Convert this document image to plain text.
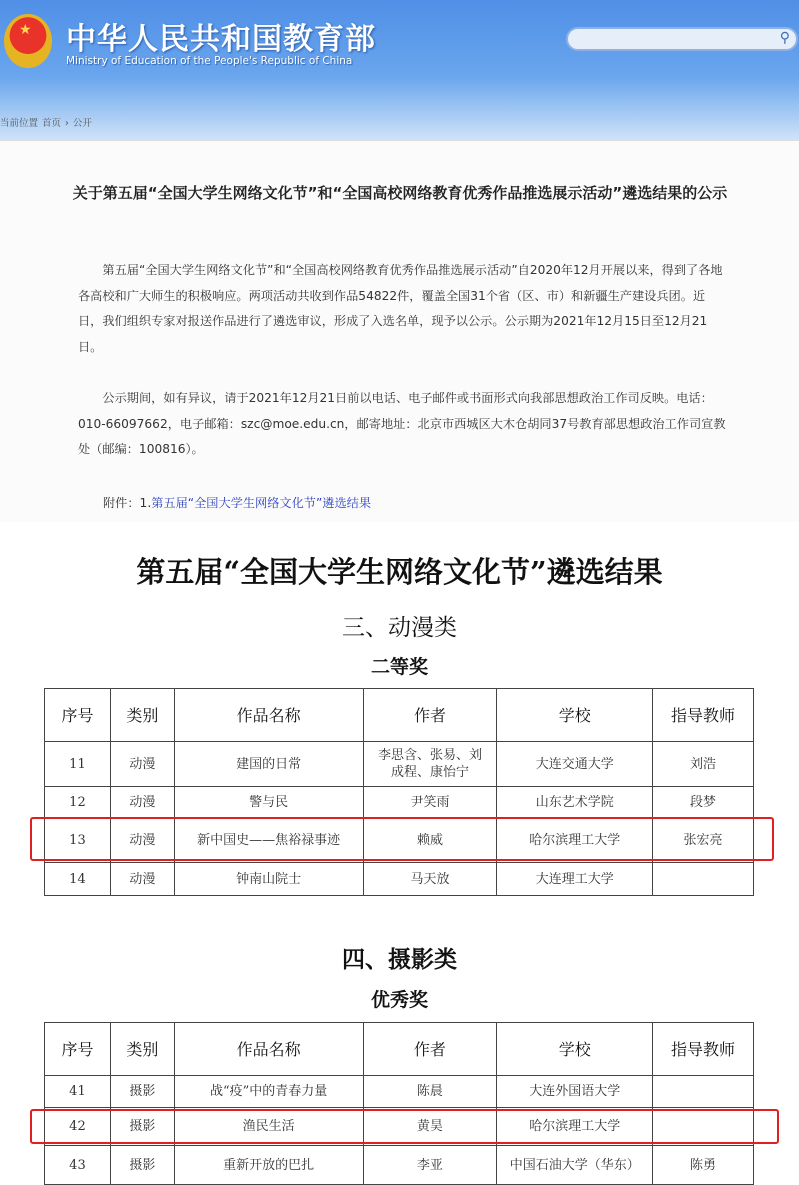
★ 中华人民共和国教育部
Ministry of Education of the People's Republic of China
⚲
当前位置 首页 › 公开
关于第五届“全国大学生网络文化节”和“全国高校网络教育优秀作品推选展示活动”遴选结果的公示
第五届“全国大学生网络文化节”和“全国高校网络教育优秀作品推选展示活动”自2020年12月开展以来，得到了各地各高校和广大师生的积极响应。两项活动共收到作品54822件，覆盖全国31个省（区、市）和新疆生产建设兵团。近日，我们组织专家对报送作品进行了遴选审议，形成了入选名单，现予以公示。公示期为2021年12月15日至12月21日。
公示期间，如有异议，请于2021年12月21日前以电话、电子邮件或书面形式向我部思想政治工作司反映。电话：010-66097662，电子邮箱：szc@moe.edu.cn，邮寄地址：北京市西城区大木仓胡同37号教育部思想政治工作司宣教处（邮编：100816）。
附件：1.第五届“全国大学生网络文化节”遴选结果
第五届“全国大学生网络文化节”遴选结果
三、动漫类
二等奖
序号	类别	作品名称	作者	学校	指导教师
11	动漫	建国的日常	李思含、张易、刘成程、康怡宁	大连交通大学	刘浩
12	动漫	警与民	尹笑雨	山东艺术学院	段梦
13	动漫	新中国史——焦裕禄事迹	赖威	哈尔滨理工大学	张宏亮
14	动漫	钟南山院士	马天放	大连理工大学	
四、摄影类
优秀奖
序号	类别	作品名称	作者	学校	指导教师
41	摄影	战“疫”中的青春力量	陈晨	大连外国语大学	
42	摄影	渔民生活	黄昊	哈尔滨理工大学	
43	摄影	重新开放的巴扎	李亚	中国石油大学（华东）	陈勇
